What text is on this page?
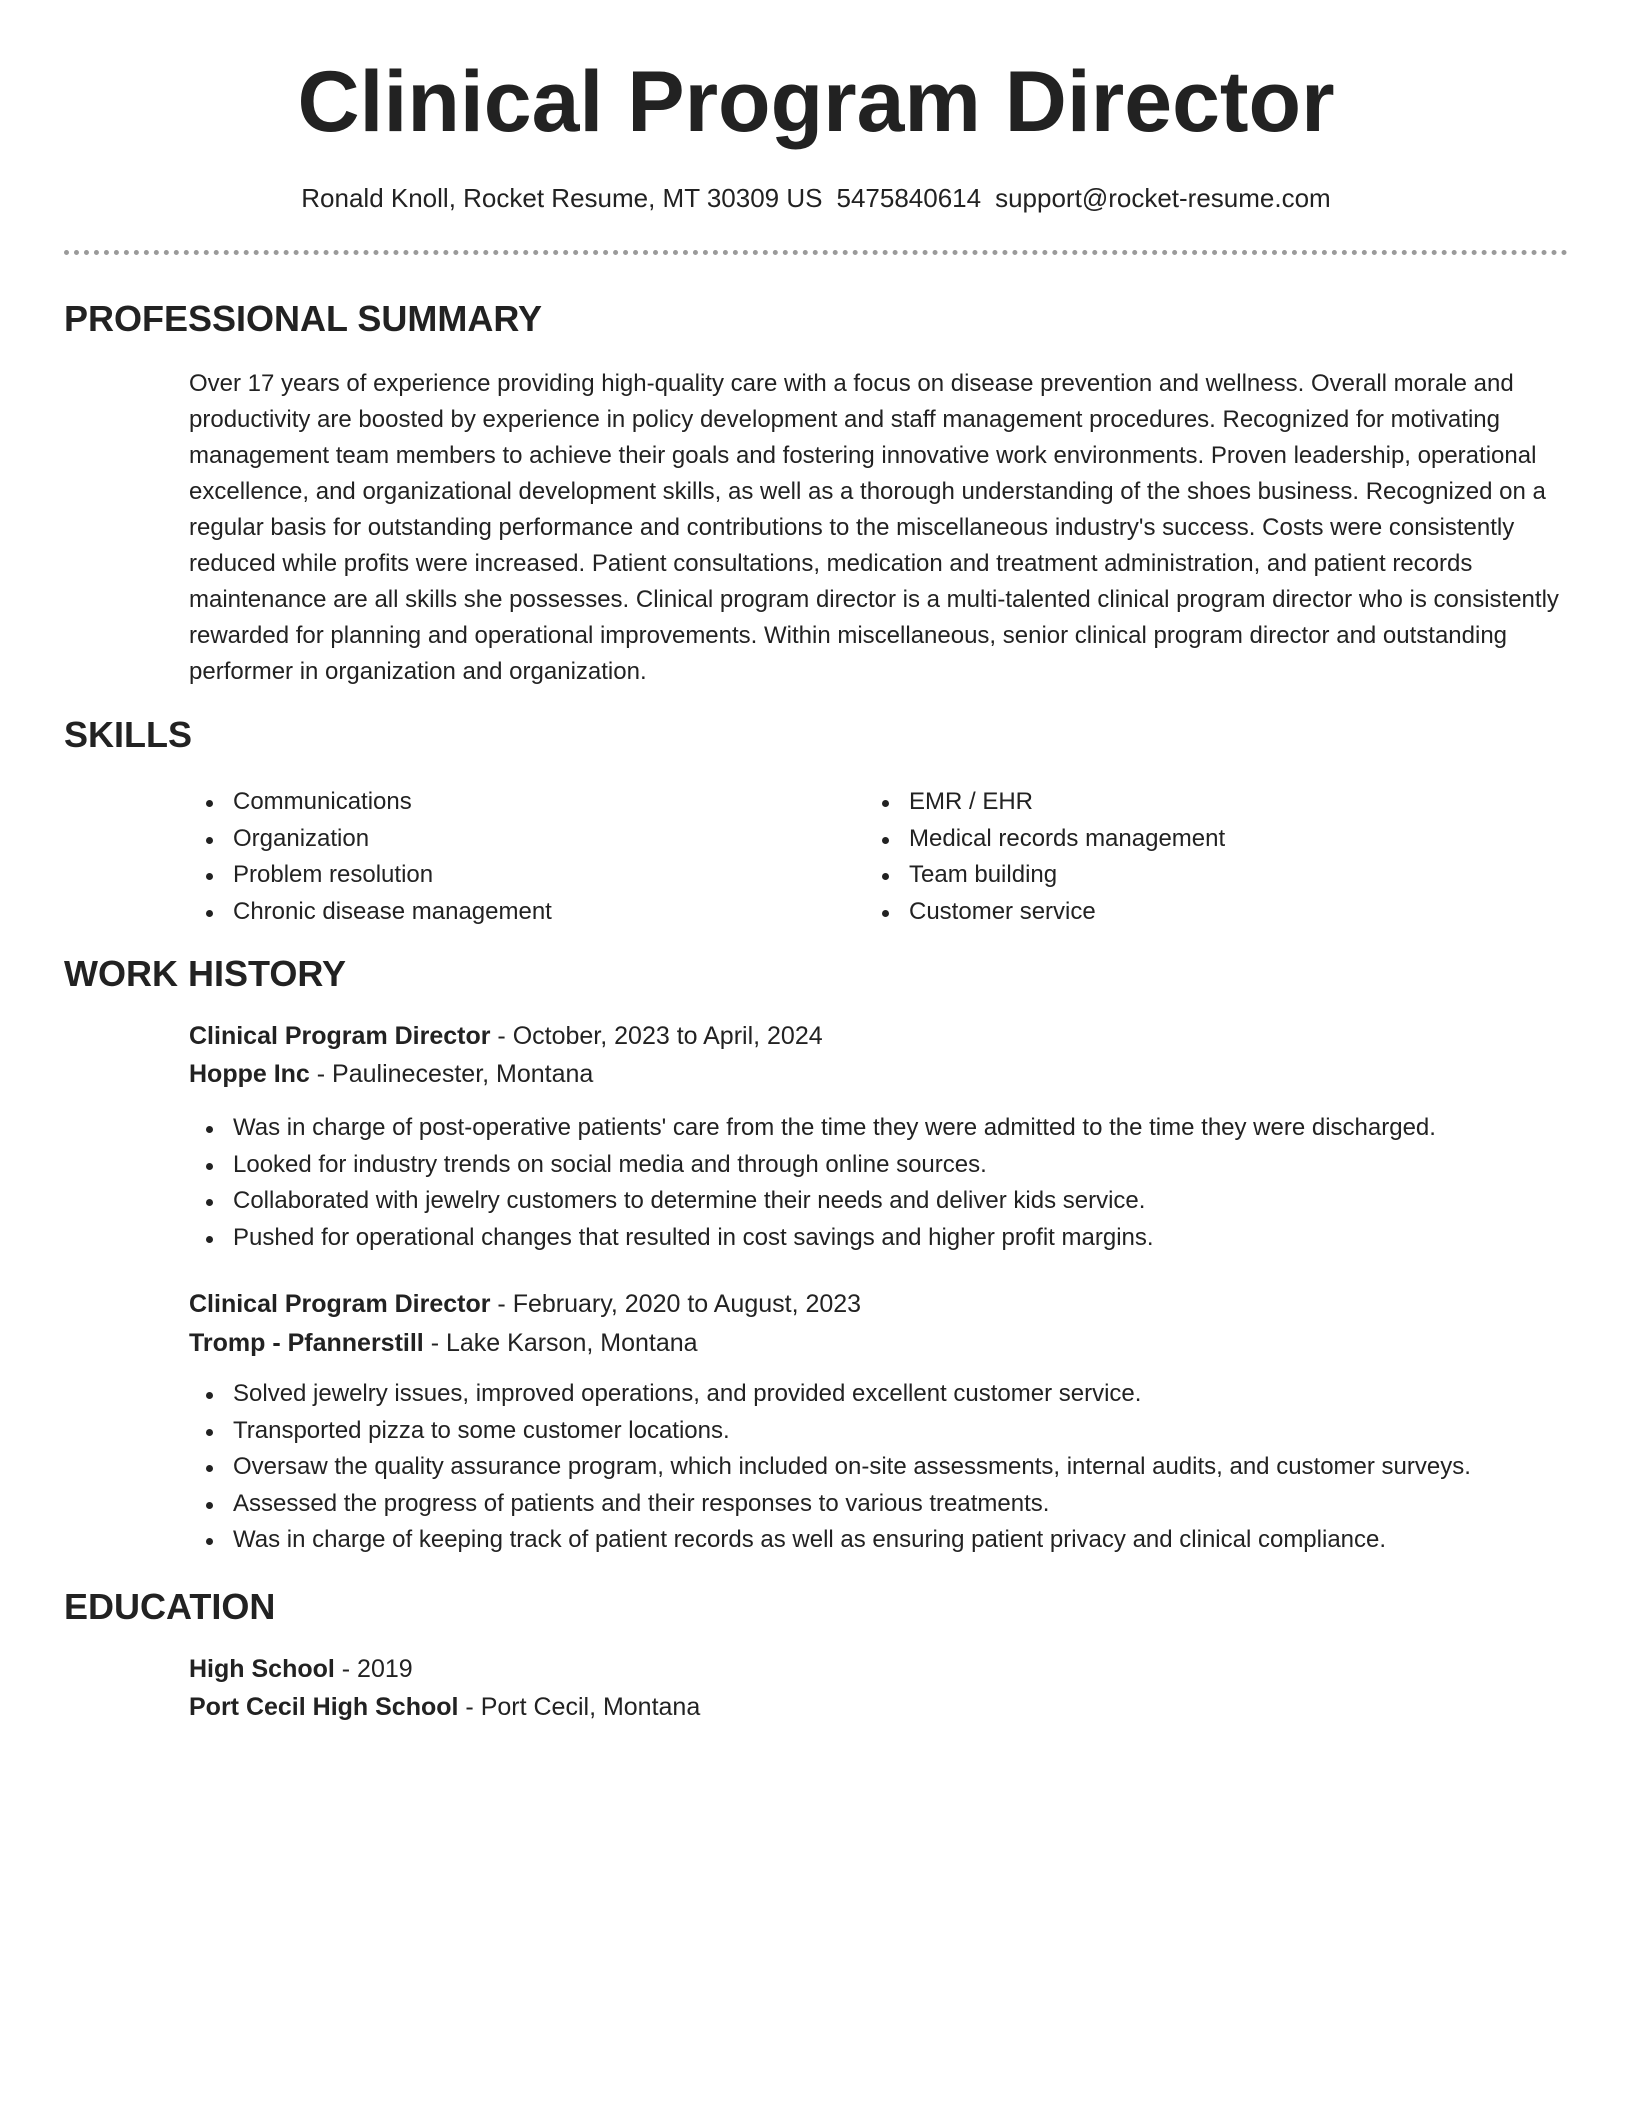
Clinical Program Director
Ronald Knoll, Rocket Resume, MT 30309 US 5475840614 support@rocket-resume.com
PROFESSIONAL SUMMARY

Over 17 years of experience providing high-quality care with a focus on disease prevention and wellness. Overall morale and productivity are boosted by experience in policy development and staff management procedures. Recognized for motivating management team members to achieve their goals and fostering innovative work environments. Proven leadership, operational excellence, and organizational development skills, as well as a thorough understanding of the shoes business. Recognized on a regular basis for outstanding performance and contributions to the miscellaneous industry's success. Costs were consistently reduced while profits were increased. Patient consultations, medication and treatment administration, and patient records maintenance are all skills she possesses. Clinical program director is a multi-talented clinical program director who is consistently rewarded for planning and operational improvements. Within miscellaneous, senior clinical program director and outstanding performer in organization and organization.

SKILLS
Communications
Organization
Problem resolution
Chronic disease management
EMR / EHR
Medical records management
Team building
Customer service
WORK HISTORY
Clinical Program Director - October, 2023 to April, 2024
Hoppe Inc - Paulinecester, Montana
Was in charge of post-operative patients' care from the time they were admitted to the time they were discharged.
Looked for industry trends on social media and through online sources.
Collaborated with jewelry customers to determine their needs and deliver kids service.
Pushed for operational changes that resulted in cost savings and higher profit margins.
Clinical Program Director - February, 2020 to August, 2023
Tromp - Pfannerstill - Lake Karson, Montana
Solved jewelry issues, improved operations, and provided excellent customer service.
Transported pizza to some customer locations.
Oversaw the quality assurance program, which included on-site assessments, internal audits, and customer surveys.
Assessed the progress of patients and their responses to various treatments.
Was in charge of keeping track of patient records as well as ensuring patient privacy and clinical compliance.
EDUCATION
High School - 2019
Port Cecil High School - Port Cecil, Montana
